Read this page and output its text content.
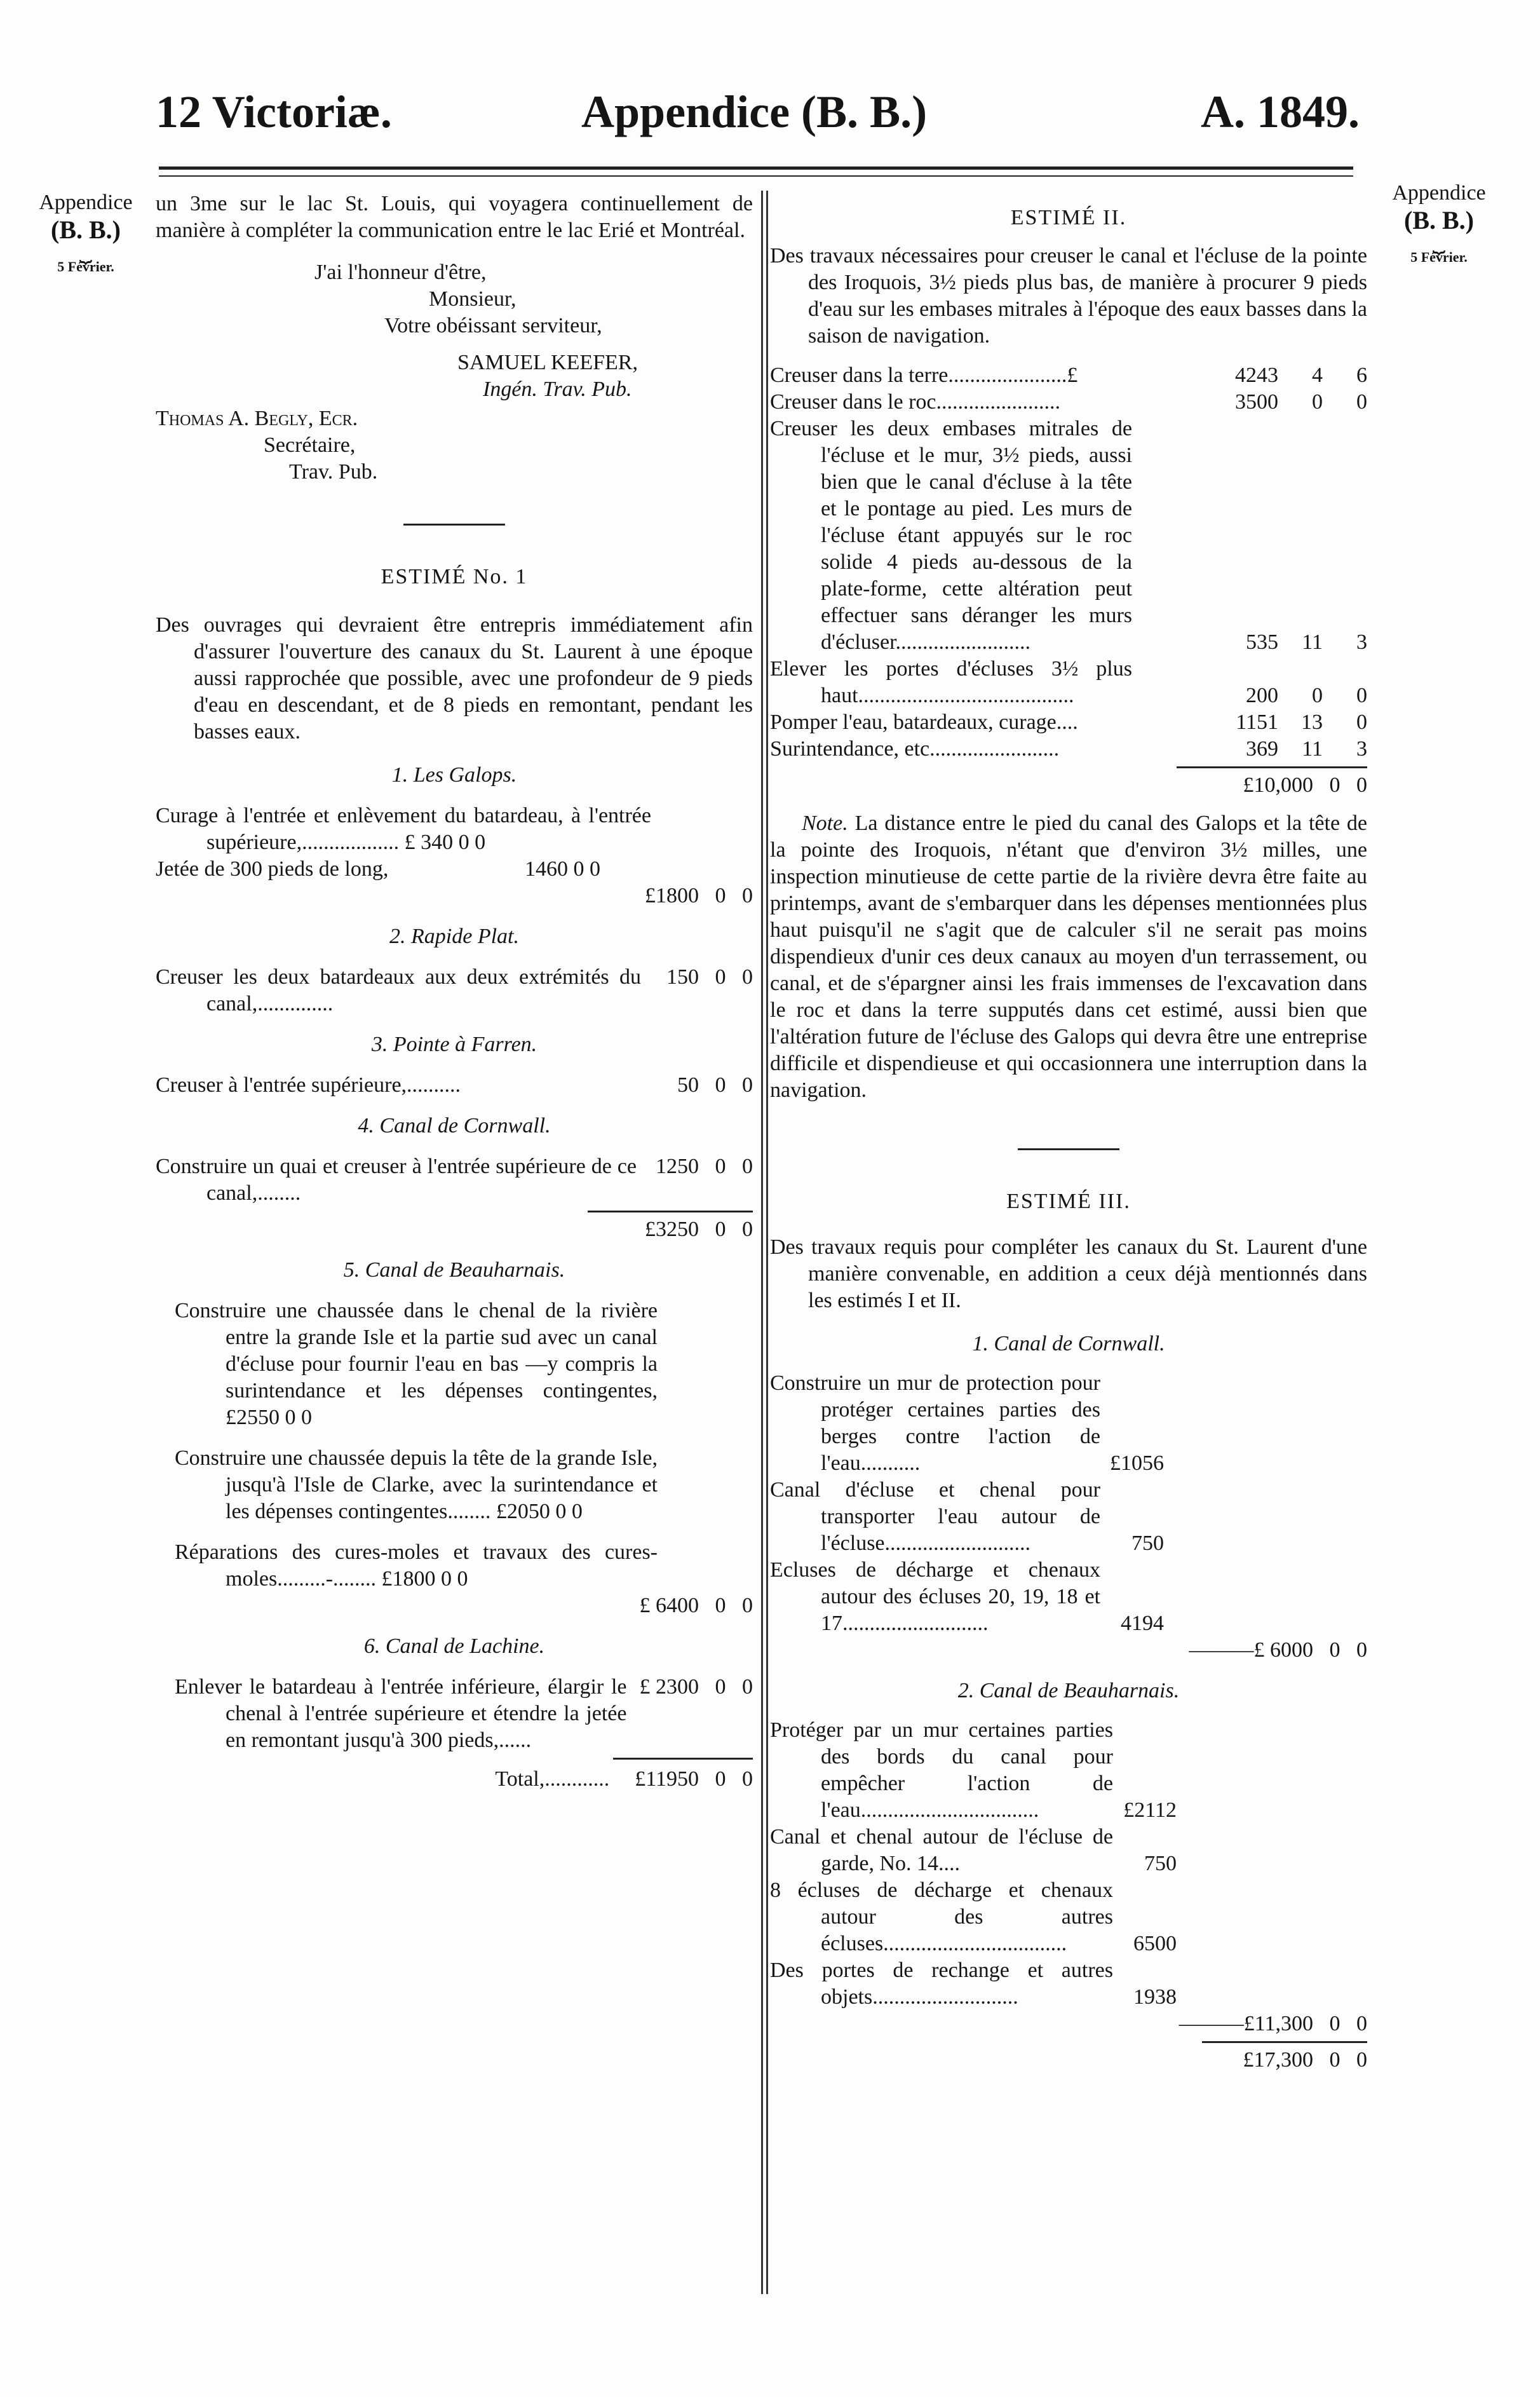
12 Victoriæ.	Appendice (B. B.)	A. 1849.
Appendice
(B. B.)
⏟
5 Février.
Appendice
(B. B.)
⏟
5 Février.
un 3me sur le lac St. Louis, qui voyagera continuellement de manière à compléter la communication entre le lac Erié et Montréal.
J'ai l'honneur d'être,
Monsieur,
Votre obéissant serviteur,
SAMUEL KEEFER,
Ingén. Trav. Pub.
Thomas A. Begly, Ecr.
Secrétaire,
Trav. Pub.
ESTIMÉ No. 1
Des ouvrages qui devraient être entrepris immédiatement afin d'assurer l'ouverture des canaux du St. Laurent à une époque aussi rapprochée que possible, avec une profondeur de 9 pieds d'eau en descendant, et de 8 pieds en remontant, pendant les basses eaux.
1. Les Galops.
Curage à l'entrée et enlèvement du batardeau, à l'entrée supérieure,.................. £ 340 0 0
Jetée de 300 pieds de long,	1460 0 0
£1800   0   0
2. Rapide Plat.
Creuser les deux batardeaux aux deux extrémités du canal,..............
150   0   0
3. Pointe à Farren.
Creuser à l'entrée supérieure,..........	50   0   0
4. Canal de Cornwall.
Construire un quai et creuser à l'entrée supérieure de ce canal,........
1250   0   0
£3250   0   0
5. Canal de Beauharnais.
Construire une chaussée dans le chenal de la rivière entre la grande Isle et la partie sud avec un canal d'écluse pour fournir l'eau en bas —y compris la surintendance et les dépenses contingentes, £2550 0 0
Construire une chaussée depuis la tête de la grande Isle, jusqu'à l'Isle de Clarke, avec la surintendance et les dépenses contingentes........ £2050 0 0
Réparations des cures-moles et travaux des cures-moles.........-........ £1800 0 0
£ 6400   0   0
6. Canal de Lachine.
Enlever le batardeau à l'entrée inférieure, élargir le chenal à l'entrée supérieure et étendre la jetée en remontant jusqu'à 300 pieds,......
£ 2300   0   0
Total,............	£11950   0   0
ESTIMÉ II.
Des travaux nécessaires pour creuser le canal et l'écluse de la pointe des Iroquois, 3½ pieds plus bas, de manière à procurer 9 pieds d'eau sur les embases mitrales à l'époque des eaux basses dans la saison de navigation.
Creuser dans la terre......................£	4243	4	6
Creuser dans le roc.......................	3500	0	0
Creuser les deux embases mitrales de l'écluse et le mur, 3½ pieds, aussi bien que le canal d'écluse à la tête et le pontage au pied. Les murs de l'écluse étant appuyés sur le roc solide 4 pieds au-dessous de la plate-forme, cette altération peut effectuer sans déranger les murs d'écluser.........................	535	11	3
Elever les portes d'écluses 3½ plus haut........................................	200	0	0
Pomper l'eau, batardeaux, curage....	1151	13	0
Surintendance, etc........................	369	11	3
£10,000   0   0
Note. La distance entre le pied du canal des Galops et la tête de la pointe des Iroquois, n'étant que d'environ 3½ milles, une inspection minutieuse de cette partie de la rivière devra être faite au printemps, avant de s'embarquer dans les dépenses mentionnées plus haut puisqu'il ne s'agit que de calculer s'il ne serait pas moins dispendieux d'unir ces deux canaux au moyen d'un terrassement, ou canal, et de s'épargner ainsi les frais immenses de l'excavation dans le roc et dans la terre supputés dans cet estimé, aussi bien que l'altération future de l'écluse des Galops qui devra être une entreprise difficile et dispendieuse et qui occasionnera une interruption dans la navigation.
ESTIMÉ III.
Des travaux requis pour compléter les canaux du St. Laurent d'une manière convenable, en addition a ceux déjà mentionnés dans les estimés I et II.
1. Canal de Cornwall.
Construire un mur de protection pour protéger certaines parties des berges contre l'action de l'eau...........	£1056
Canal d'écluse et chenal pour transporter l'eau autour de l'écluse...........................	750
Ecluses de décharge et chenaux autour des écluses 20, 19, 18 et 17...........................	4194
———£ 6000   0   0
2. Canal de Beauharnais.
Protéger par un mur certaines parties des bords du canal pour empêcher l'action de l'eau.................................	£2112
Canal et chenal autour de l'écluse de garde, No. 14....	750
8 écluses de décharge et chenaux autour des autres écluses..................................	6500
Des portes de rechange et autres objets...........................	1938
———£11,300   0   0
£17,300   0   0
